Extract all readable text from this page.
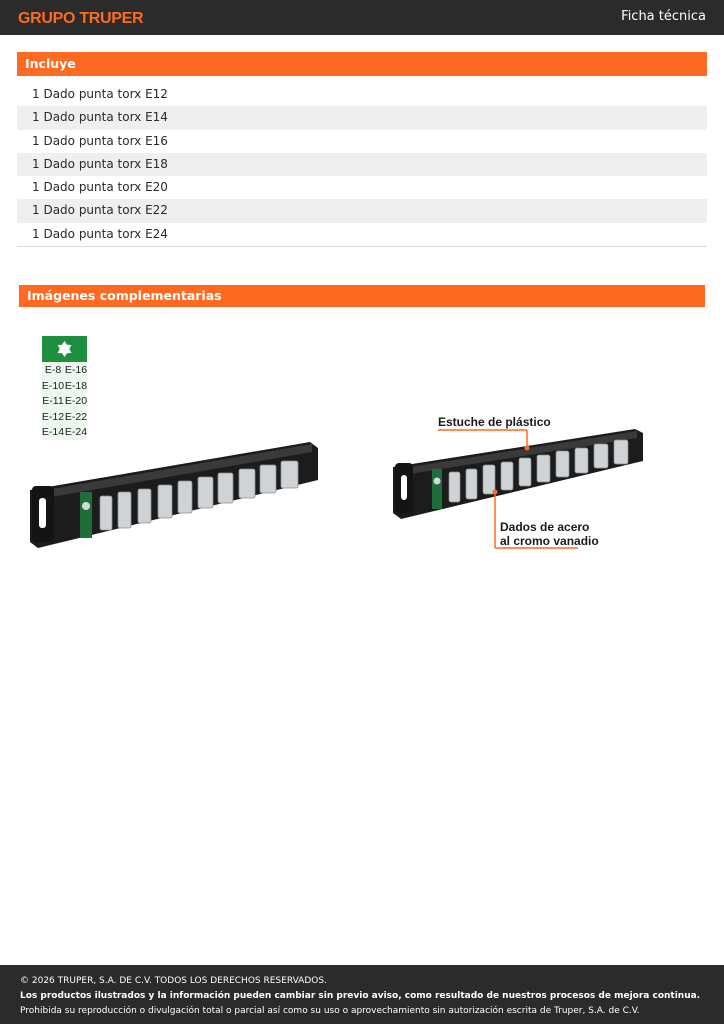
GRUPO TRUPER	Ficha técnica
Incluye
1 Dado punta torx E12
1 Dado punta torx E14
1 Dado punta torx E16
1 Dado punta torx E18
1 Dado punta torx E20
1 Dado punta torx E22
1 Dado punta torx E24
Imágenes complementarias
E-8
E-10
E-11
E-12
E-14
E-16
E-18
E-20
E-22
E-24
Estuche de plástico
Dados de acero
al cromo vanadio
© 2026 TRUPER, S.A. DE C.V. TODOS LOS DERECHOS RESERVADOS.
Los productos ilustrados y la información pueden cambiar sin previo aviso, como resultado de nuestros procesos de mejora continua.
Prohibida su reproducción o divulgación total o parcial así como su uso o aprovechamiento sin autorización escrita de Truper, S.A. de C.V.
